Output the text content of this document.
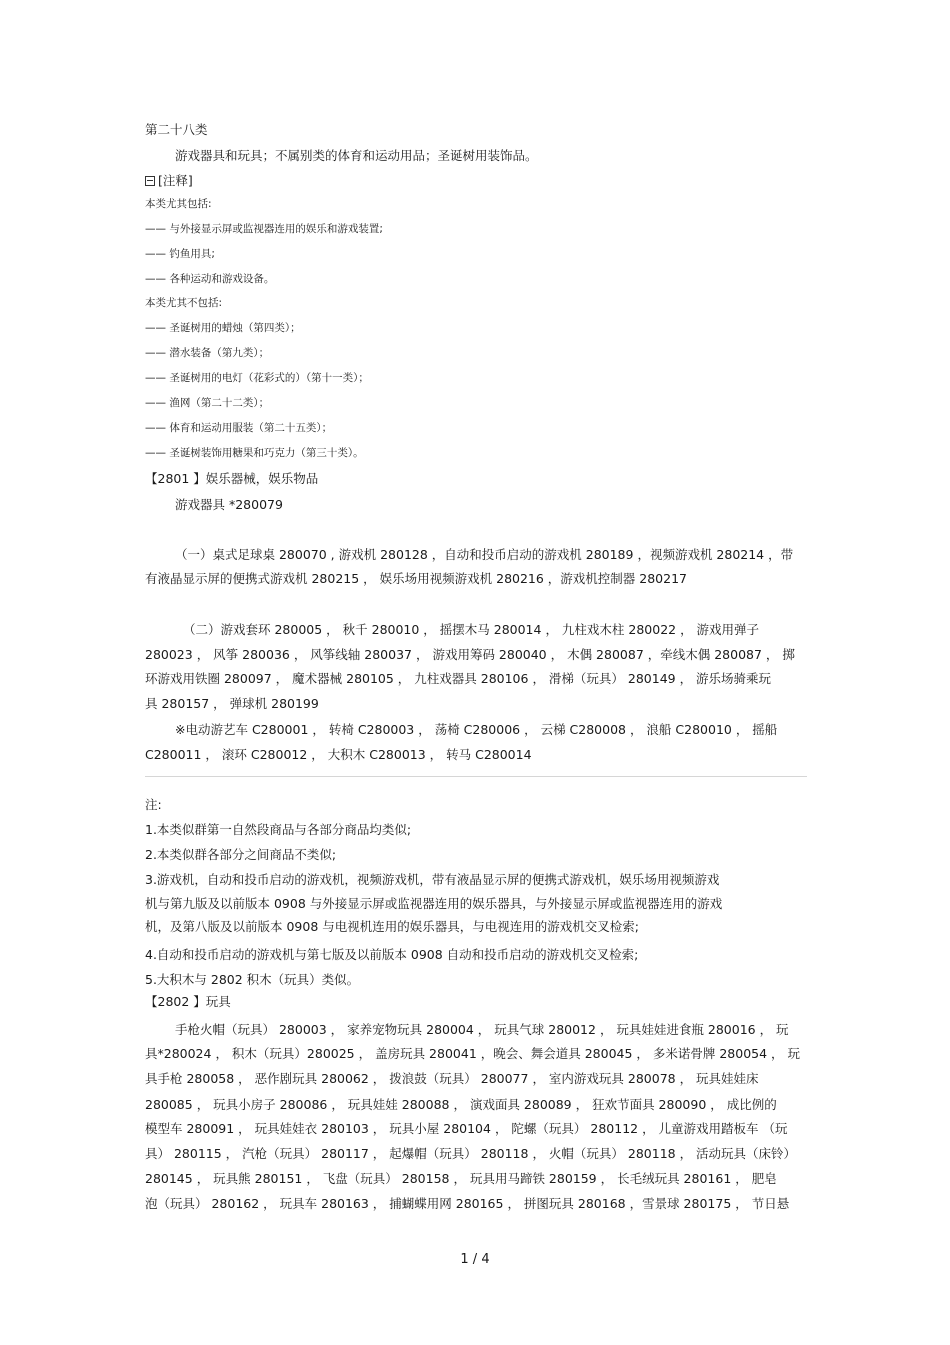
第二十八类
游戏器具和玩具；不属别类的体育和运动用品；圣诞树用装饰品。
[注释]
本类尤其包括:
—— 与外接显示屏或监视器连用的娱乐和游戏装置;
—— 钓鱼用具;
—— 各种运动和游戏设备。
本类尤其不包括:
—— 圣诞树用的蜡烛（第四类）；
—— 潜水装备（第九类）；
—— 圣诞树用的电灯（花彩式的）（第十一类）；
—— 渔网（第二十二类）；
—— 体育和运动用服装（第二十五类）；
—— 圣诞树装饰用糖果和巧克力（第三十类）。
【2801 】娱乐器械，娱乐物品
游戏器具 *280079
（一）桌式足球桌 280070 , 游戏机 280128 ，自动和投币启动的游戏机 280189 ，视频游戏机 280214 ，带
有液晶显示屏的便携式游戏机 280215 ， 娱乐场用视频游戏机 280216 ，游戏机控制器 280217
（二）游戏套环 280005 ， 秋千 280010 ， 摇摆木马 280014 ， 九柱戏木柱 280022 ， 游戏用弹子
280023 ， 风筝 280036 ， 风筝线轴 280037 ， 游戏用筹码 280040 ， 木偶 280087 ，牵线木偶 280087 ， 掷
环游戏用铁圈 280097 ， 魔术器械 280105 ， 九柱戏器具 280106 ， 滑梯（玩具） 280149 ， 游乐场骑乘玩
具 280157 ， 弹球机 280199
※电动游艺车 C280001 ， 转椅 C280003 ， 荡椅 C280006 ， 云梯 C280008 ， 浪船 C280010 ， 摇船
C280011 ， 滚环 C280012 ， 大积木 C280013 ， 转马 C280014
注:
1.本类似群第一自然段商品与各部分商品均类似;
2.本类似群各部分之间商品不类似;
3.游戏机，自动和投币启动的游戏机，视频游戏机，带有液晶显示屏的便携式游戏机，娱乐场用视频游戏
机与第九版及以前版本 0908 与外接显示屏或监视器连用的娱乐器具，与外接显示屏或监视器连用的游戏
机，及第八版及以前版本 0908 与电视机连用的娱乐器具，与电视连用的游戏机交叉检索;
4.自动和投币启动的游戏机与第七版及以前版本 0908 自动和投币启动的游戏机交叉检索;
5.大积木与 2802 积木（玩具）类似。
【2802 】玩具
手枪火帽（玩具） 280003 ， 家养宠物玩具 280004 ， 玩具气球 280012 ， 玩具娃娃进食瓶 280016 ， 玩
具*280024 ， 积木（玩具）280025 ， 盖房玩具 280041 ，晚会、舞会道具 280045 ， 多米诺骨牌 280054 ， 玩
具手枪 280058 ， 恶作剧玩具 280062 ， 拨浪鼓（玩具） 280077 ， 室内游戏玩具 280078 ， 玩具娃娃床
280085 ， 玩具小房子 280086 ， 玩具娃娃 280088 ， 演戏面具 280089 ， 狂欢节面具 280090 ， 成比例的
模型车 280091 ， 玩具娃娃衣 280103 ， 玩具小屋 280104 ， 陀螺（玩具） 280112 ， 儿童游戏用踏板车 （玩
具） 280115 ， 汽枪（玩具） 280117 ， 起爆帽（玩具） 280118 ， 火帽（玩具） 280118 ， 活动玩具（床铃）
280145 ， 玩具熊 280151 ， 飞盘（玩具） 280158 ， 玩具用马蹄铁 280159 ， 长毛绒玩具 280161 ， 肥皂
泡（玩具） 280162 ， 玩具车 280163 ， 捕蝴蝶用网 280165 ， 拼图玩具 280168 ，雪景球 280175 ， 节日悬
1 / 4
